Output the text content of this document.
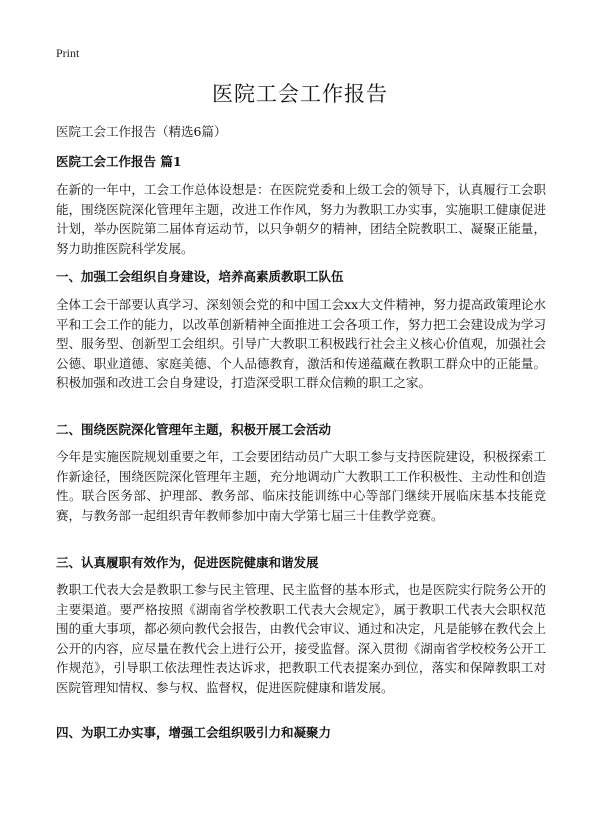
Print
医院工会工作报告

医院工会工作报告（精选6篇）

医院工会工作报告 篇1

在新的一年中，工会工作总体设想是：在医院党委和上级工会的领导下，认真履行工会职能，围绕医院深化管理年主题，改进工作作风，努力为教职工办实事，实施职工健康促进计划，举办医院第二届体育运动节，以只争朝夕的精神，团结全院教职工、凝聚正能量，努力助推医院科学发展。

一、加强工会组织自身建设，培养高素质教职工队伍

全体工会干部要认真学习、深刻领会党的和中国工会xx大文件精神，努力提高政策理论水平和工会工作的能力，以改革创新精神全面推进工会各项工作，努力把工会建设成为学习型、服务型、创新型工会组织。引导广大教职工积极践行社会主义核心价值观，加强社会公德、职业道德、家庭美德、个人品德教育，激活和传递蕴藏在教职工群众中的正能量。积极加强和改进工会自身建设，打造深受职工群众信赖的职工之家。

二、围绕医院深化管理年主题，积极开展工会活动

今年是实施医院规划重要之年，工会要团结动员广大职工参与支持医院建设，积极探索工作新途径，围绕医院深化管理年主题，充分地调动广大教职工工作积极性、主动性和创造性。联合医务部、护理部、教务部、临床技能训练中心等部门继续开展临床基本技能竞赛，与教务部一起组织青年教师参加中南大学第七届三十佳教学竞赛。

三、认真履职有效作为，促进医院健康和谐发展

教职工代表大会是教职工参与民主管理、民主监督的基本形式，也是医院实行院务公开的主要渠道。要严格按照《湖南省学校教职工代表大会规定》，属于教职工代表大会职权范围的重大事项，都必须向教代会报告，由教代会审议、通过和决定，凡是能够在教代会上公开的内容，应尽量在教代会上进行公开，接受监督。深入贯彻《湖南省学校校务公开工作规范》，引导职工依法理性表达诉求，把教职工代表提案办到位，落实和保障教职工对医院管理知情权、参与权、监督权，促进医院健康和谐发展。

四、为职工办实事，增强工会组织吸引力和凝聚力
